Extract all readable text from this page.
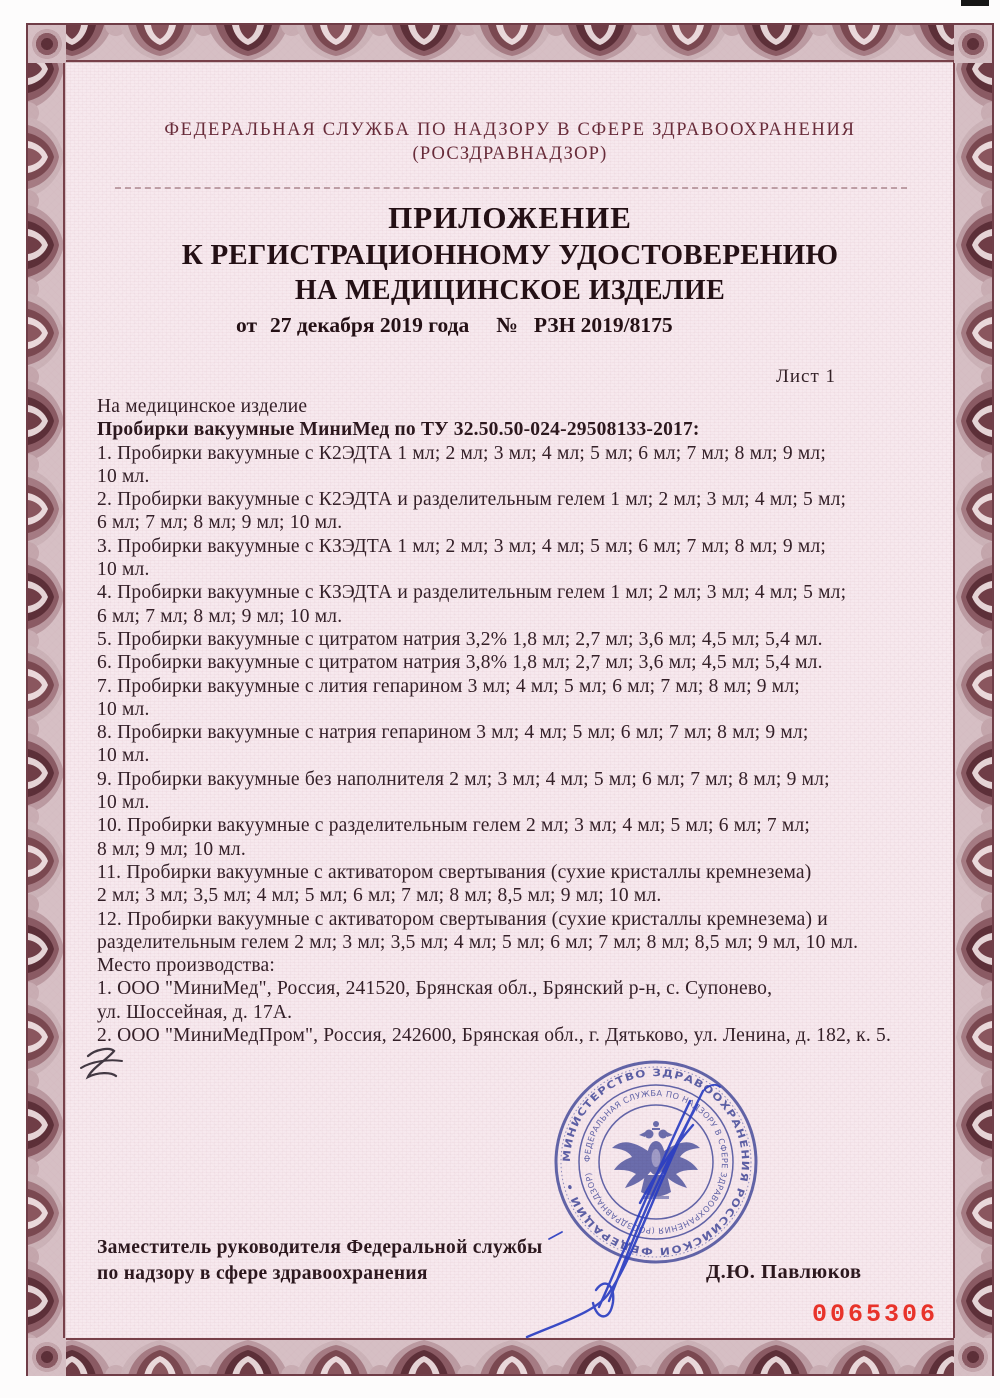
ФЕДЕРАЛЬНАЯ СЛУЖБА ПО НАДЗОРУ В СФЕРЕ ЗДРАВООХРАНЕНИЯ
(РОСЗДРАВНАДЗОР)
ПРИЛОЖЕНИЕ
К РЕГИСТРАЦИОННОМУ УДОСТОВЕРЕНИЮ
НА МЕДИЦИНСКОЕ ИЗДЕЛИЕ
от 27 декабря 2019 года № РЗН 2019/8175
Лист 1
На медицинское изделие
Пробирки вакуумные МиниМед по ТУ 32.50.50-024-29508133-2017:
1. Пробирки вакуумные с К2ЭДТА 1 мл; 2 мл; 3 мл; 4 мл; 5 мл; 6 мл; 7 мл; 8 мл; 9 мл;
10 мл.
2. Пробирки вакуумные с К2ЭДТА и разделительным гелем 1 мл; 2 мл; 3 мл; 4 мл; 5 мл;
6 мл; 7 мл; 8 мл; 9 мл; 10 мл.
3. Пробирки вакуумные с КЗЭДТА 1 мл; 2 мл; 3 мл; 4 мл; 5 мл; 6 мл; 7 мл; 8 мл; 9 мл;
10 мл.
4. Пробирки вакуумные с КЗЭДТА и разделительным гелем 1 мл; 2 мл; 3 мл; 4 мл; 5 мл;
6 мл; 7 мл; 8 мл; 9 мл; 10 мл.
5. Пробирки вакуумные с цитратом натрия 3,2% 1,8 мл; 2,7 мл; 3,6 мл; 4,5 мл; 5,4 мл.
6. Пробирки вакуумные с цитратом натрия 3,8% 1,8 мл; 2,7 мл; 3,6 мл; 4,5 мл; 5,4 мл.
7. Пробирки вакуумные с лития гепарином 3 мл; 4 мл; 5 мл; 6 мл; 7 мл; 8 мл; 9 мл;
10 мл.
8. Пробирки вакуумные с натрия гепарином 3 мл; 4 мл; 5 мл; 6 мл; 7 мл; 8 мл; 9 мл;
10 мл.
9. Пробирки вакуумные без наполнителя 2 мл; 3 мл; 4 мл; 5 мл; 6 мл; 7 мл; 8 мл; 9 мл;
10 мл.
10. Пробирки вакуумные с разделительным гелем 2 мл; 3 мл; 4 мл; 5 мл; 6 мл; 7 мл;
8 мл; 9 мл; 10 мл.
11. Пробирки вакуумные с активатором свертывания (сухие кристаллы кремнезема)
2 мл; 3 мл; 3,5 мл; 4 мл; 5 мл; 6 мл; 7 мл; 8 мл; 8,5 мл; 9 мл; 10 мл.
12. Пробирки вакуумные с активатором свертывания (сухие кристаллы кремнезема) и
разделительным гелем 2 мл; 3 мл; 3,5 мл; 4 мл; 5 мл; 6 мл; 7 мл; 8 мл; 8,5 мл; 9 мл, 10 мл.
Место производства:
1. ООО "МиниМед", Россия, 241520, Брянская обл., Брянский р-н, с. Супонево,
ул. Шоссейная, д. 17А.
2. ООО "МиниМедПром", Россия, 242600, Брянская обл., г. Дятьково, ул. Ленина, д. 182, к. 5.
МИНИСТЕРСТВО ЗДРАВООХРАНЕНИЯ РОССИЙСКОЙ ФЕДЕРАЦИИ •
ФЕДЕРАЛЬНАЯ СЛУЖБА ПО НАДЗОРУ В СФЕРЕ ЗДРАВООХРАНЕНИЯ (РОСЗДРАВНАДЗОР)
Заместитель руководителя Федеральной службы
по надзору в сфере здравоохранения	Д.Ю. Павлюков
0065306
